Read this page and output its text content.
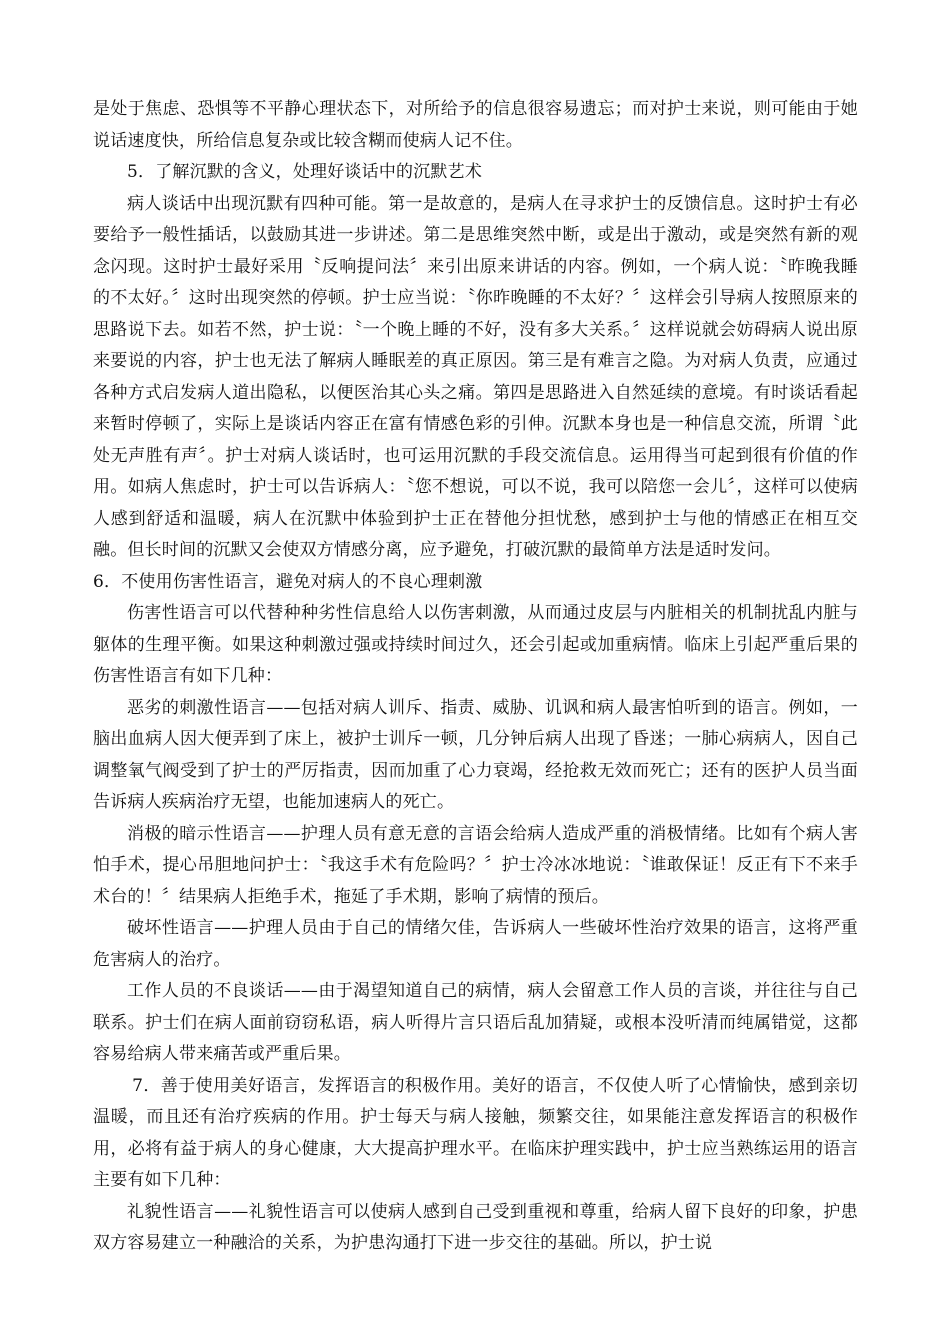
是处于焦虑、恐惧等不平静心理状态下，对所给予的信息很容易遗忘；而对护士来说，则可能由于她说话速度快，所给信息复杂或比较含糊而使病人记不住。

5．了解沉默的含义，处理好谈话中的沉默艺术

病人谈话中出现沉默有四种可能。第一是故意的，是病人在寻求护士的反馈信息。这时护士有必要给予一般性插话，以鼓励其进一步讲述。第二是思维突然中断，或是出于激动，或是突然有新的观念闪现。这时护士最好采用〝反响提问法〞来引出原来讲话的内容。例如，一个病人说：〝昨晚我睡的不太好。〞这时出现突然的停顿。护士应当说：〝你昨晚睡的不太好？〞这样会引导病人按照原来的思路说下去。如若不然，护士说：〝一个晚上睡的不好，没有多大关系。〞这样说就会妨碍病人说出原来要说的内容，护士也无法了解病人睡眠差的真正原因。第三是有难言之隐。为对病人负责，应通过各种方式启发病人道出隐私，以便医治其心头之痛。第四是思路进入自然延续的意境。有时谈话看起来暂时停顿了，实际上是谈话内容正在富有情感色彩的引伸。沉默本身也是一种信息交流，所谓〝此处无声胜有声〞。护士对病人谈话时，也可运用沉默的手段交流信息。运用得当可起到很有价值的作用。如病人焦虑时，护士可以告诉病人：〝您不想说，可以不说，我可以陪您一会儿〞，这样可以使病人感到舒适和温暖，病人在沉默中体验到护士正在替他分担忧愁，感到护士与他的情感正在相互交融。但长时间的沉默又会使双方情感分离，应予避免，打破沉默的最简单方法是适时发问。

6．不使用伤害性语言，避免对病人的不良心理刺激

伤害性语言可以代替种种劣性信息给人以伤害刺激，从而通过皮层与内脏相关的机制扰乱内脏与躯体的生理平衡。如果这种刺激过强或持续时间过久，还会引起或加重病情。临床上引起严重后果的伤害性语言有如下几种：

恶劣的刺激性语言——包括对病人训斥、指责、威胁、讥讽和病人最害怕听到的语言。例如，一脑出血病人因大便弄到了床上，被护士训斥一顿，几分钟后病人出现了昏迷；一肺心病病人，因自己调整氧气阀受到了护士的严厉指责，因而加重了心力衰竭，经抢救无效而死亡；还有的医护人员当面告诉病人疾病治疗无望，也能加速病人的死亡。

消极的暗示性语言——护理人员有意无意的言语会给病人造成严重的消极情绪。比如有个病人害怕手术，提心吊胆地问护士：〝我这手术有危险吗？〞护士冷冰冰地说：〝谁敢保证！反正有下不来手术台的！〞结果病人拒绝手术，拖延了手术期，影响了病情的预后。

破坏性语言——护理人员由于自己的情绪欠佳，告诉病人一些破坏性治疗效果的语言，这将严重危害病人的治疗。

工作人员的不良谈话——由于渴望知道自己的病情，病人会留意工作人员的言谈，并往往与自己联系。护士们在病人面前窃窃私语，病人听得片言只语后乱加猜疑，或根本没听清而纯属错觉，这都容易给病人带来痛苦或严重后果。

7．善于使用美好语言，发挥语言的积极作用。美好的语言，不仅使人听了心情愉快，感到亲切温暖，而且还有治疗疾病的作用。护士每天与病人接触，频繁交往，如果能注意发挥语言的积极作用，必将有益于病人的身心健康，大大提高护理水平。在临床护理实践中，护士应当熟练运用的语言主要有如下几种：

礼貌性语言——礼貌性语言可以使病人感到自己受到重视和尊重，给病人留下良好的印象，护患双方容易建立一种融洽的关系，为护患沟通打下进一步交往的基础。所以，护士说
